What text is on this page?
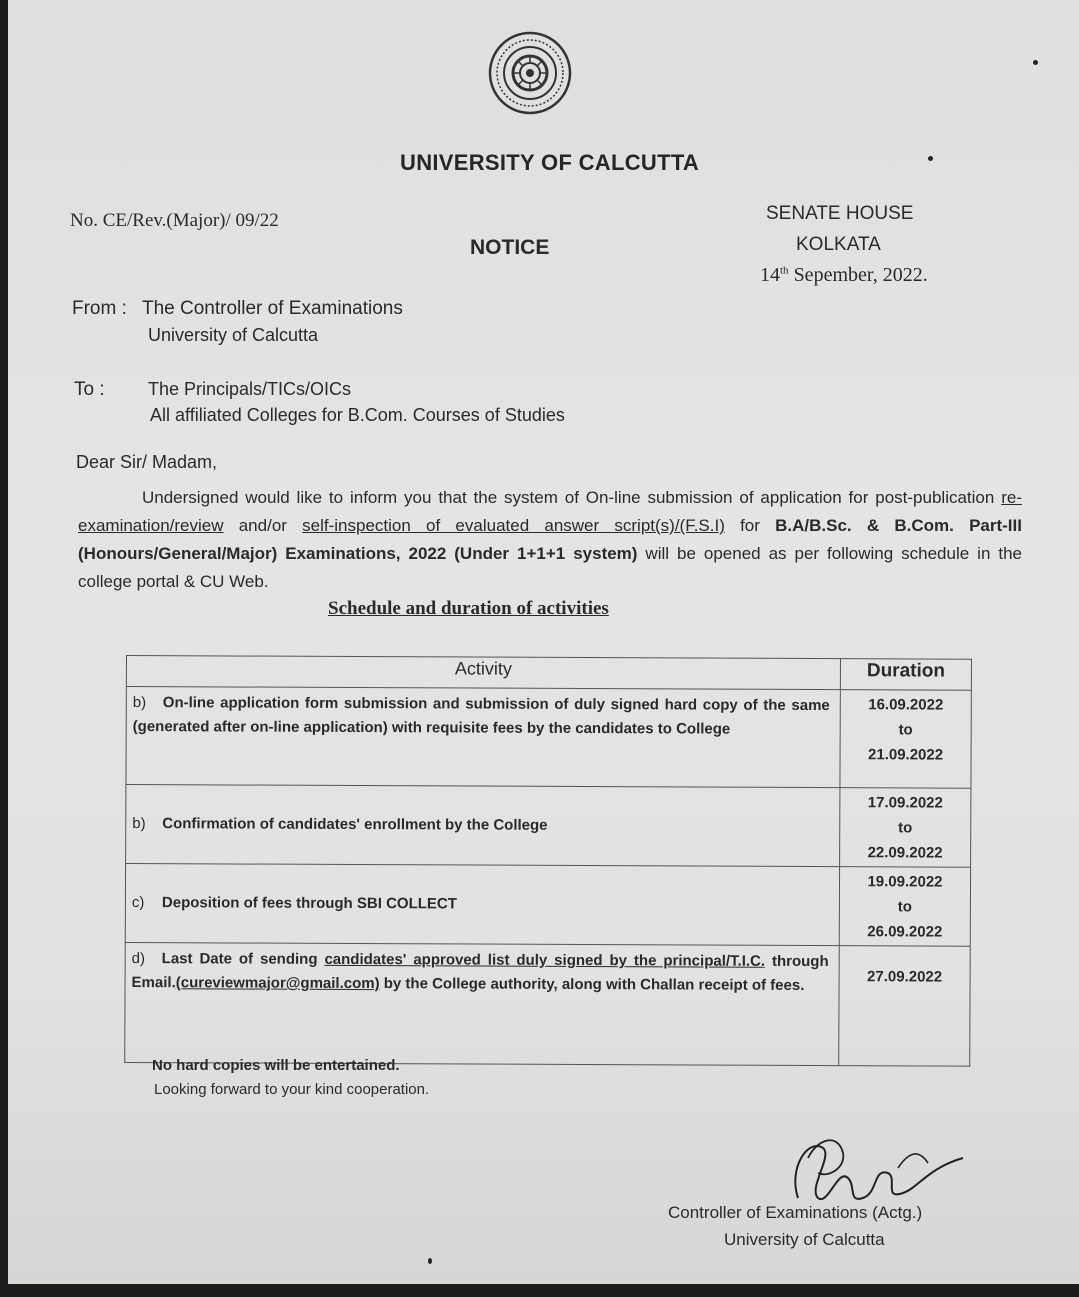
UNIVERSITY OF CALCUTTA
No. CE/Rev.(Major)/ 09/22
NOTICE
SENATE HOUSE
KOLKATA
14th Sepember, 2022.
From : The Controller of Examinations
University of Calcutta
To : The Principals/TICs/OICs
All affiliated Colleges for B.Com. Courses of Studies
Dear Sir/ Madam,
Undersigned would like to inform you that the system of On-line submission of application for post-publication re-examination/review and/or self-inspection of evaluated answer script(s)/(F.S.I) for B.A/B.Sc. & B.Com. Part-III (Honours/General/Major) Examinations, 2022 (Under 1+1+1 system) will be opened as per following schedule in the college portal & CU Web.
Schedule and duration of activities
Activity	Duration
b) On-line application form submission and submission of duly signed hard copy of the same (generated after on-line application) with requisite fees by the candidates to College	16.09.2022
to
21.09.2022

b) Confirmation of candidates' enrollment by the College	17.09.2022
to
22.09.2022

c) Deposition of fees through SBI COLLECT	19.09.2022
to
26.09.2022

d) Last Date of sending candidates' approved list duly signed by the principal/T.I.C. through Email.(cureviewmajor@gmail.com) by the College authority, along with Challan receipt of fees.	27.09.2022
No hard copies will be entertained.
Looking forward to your kind cooperation.
Controller of Examinations (Actg.)
University of Calcutta
